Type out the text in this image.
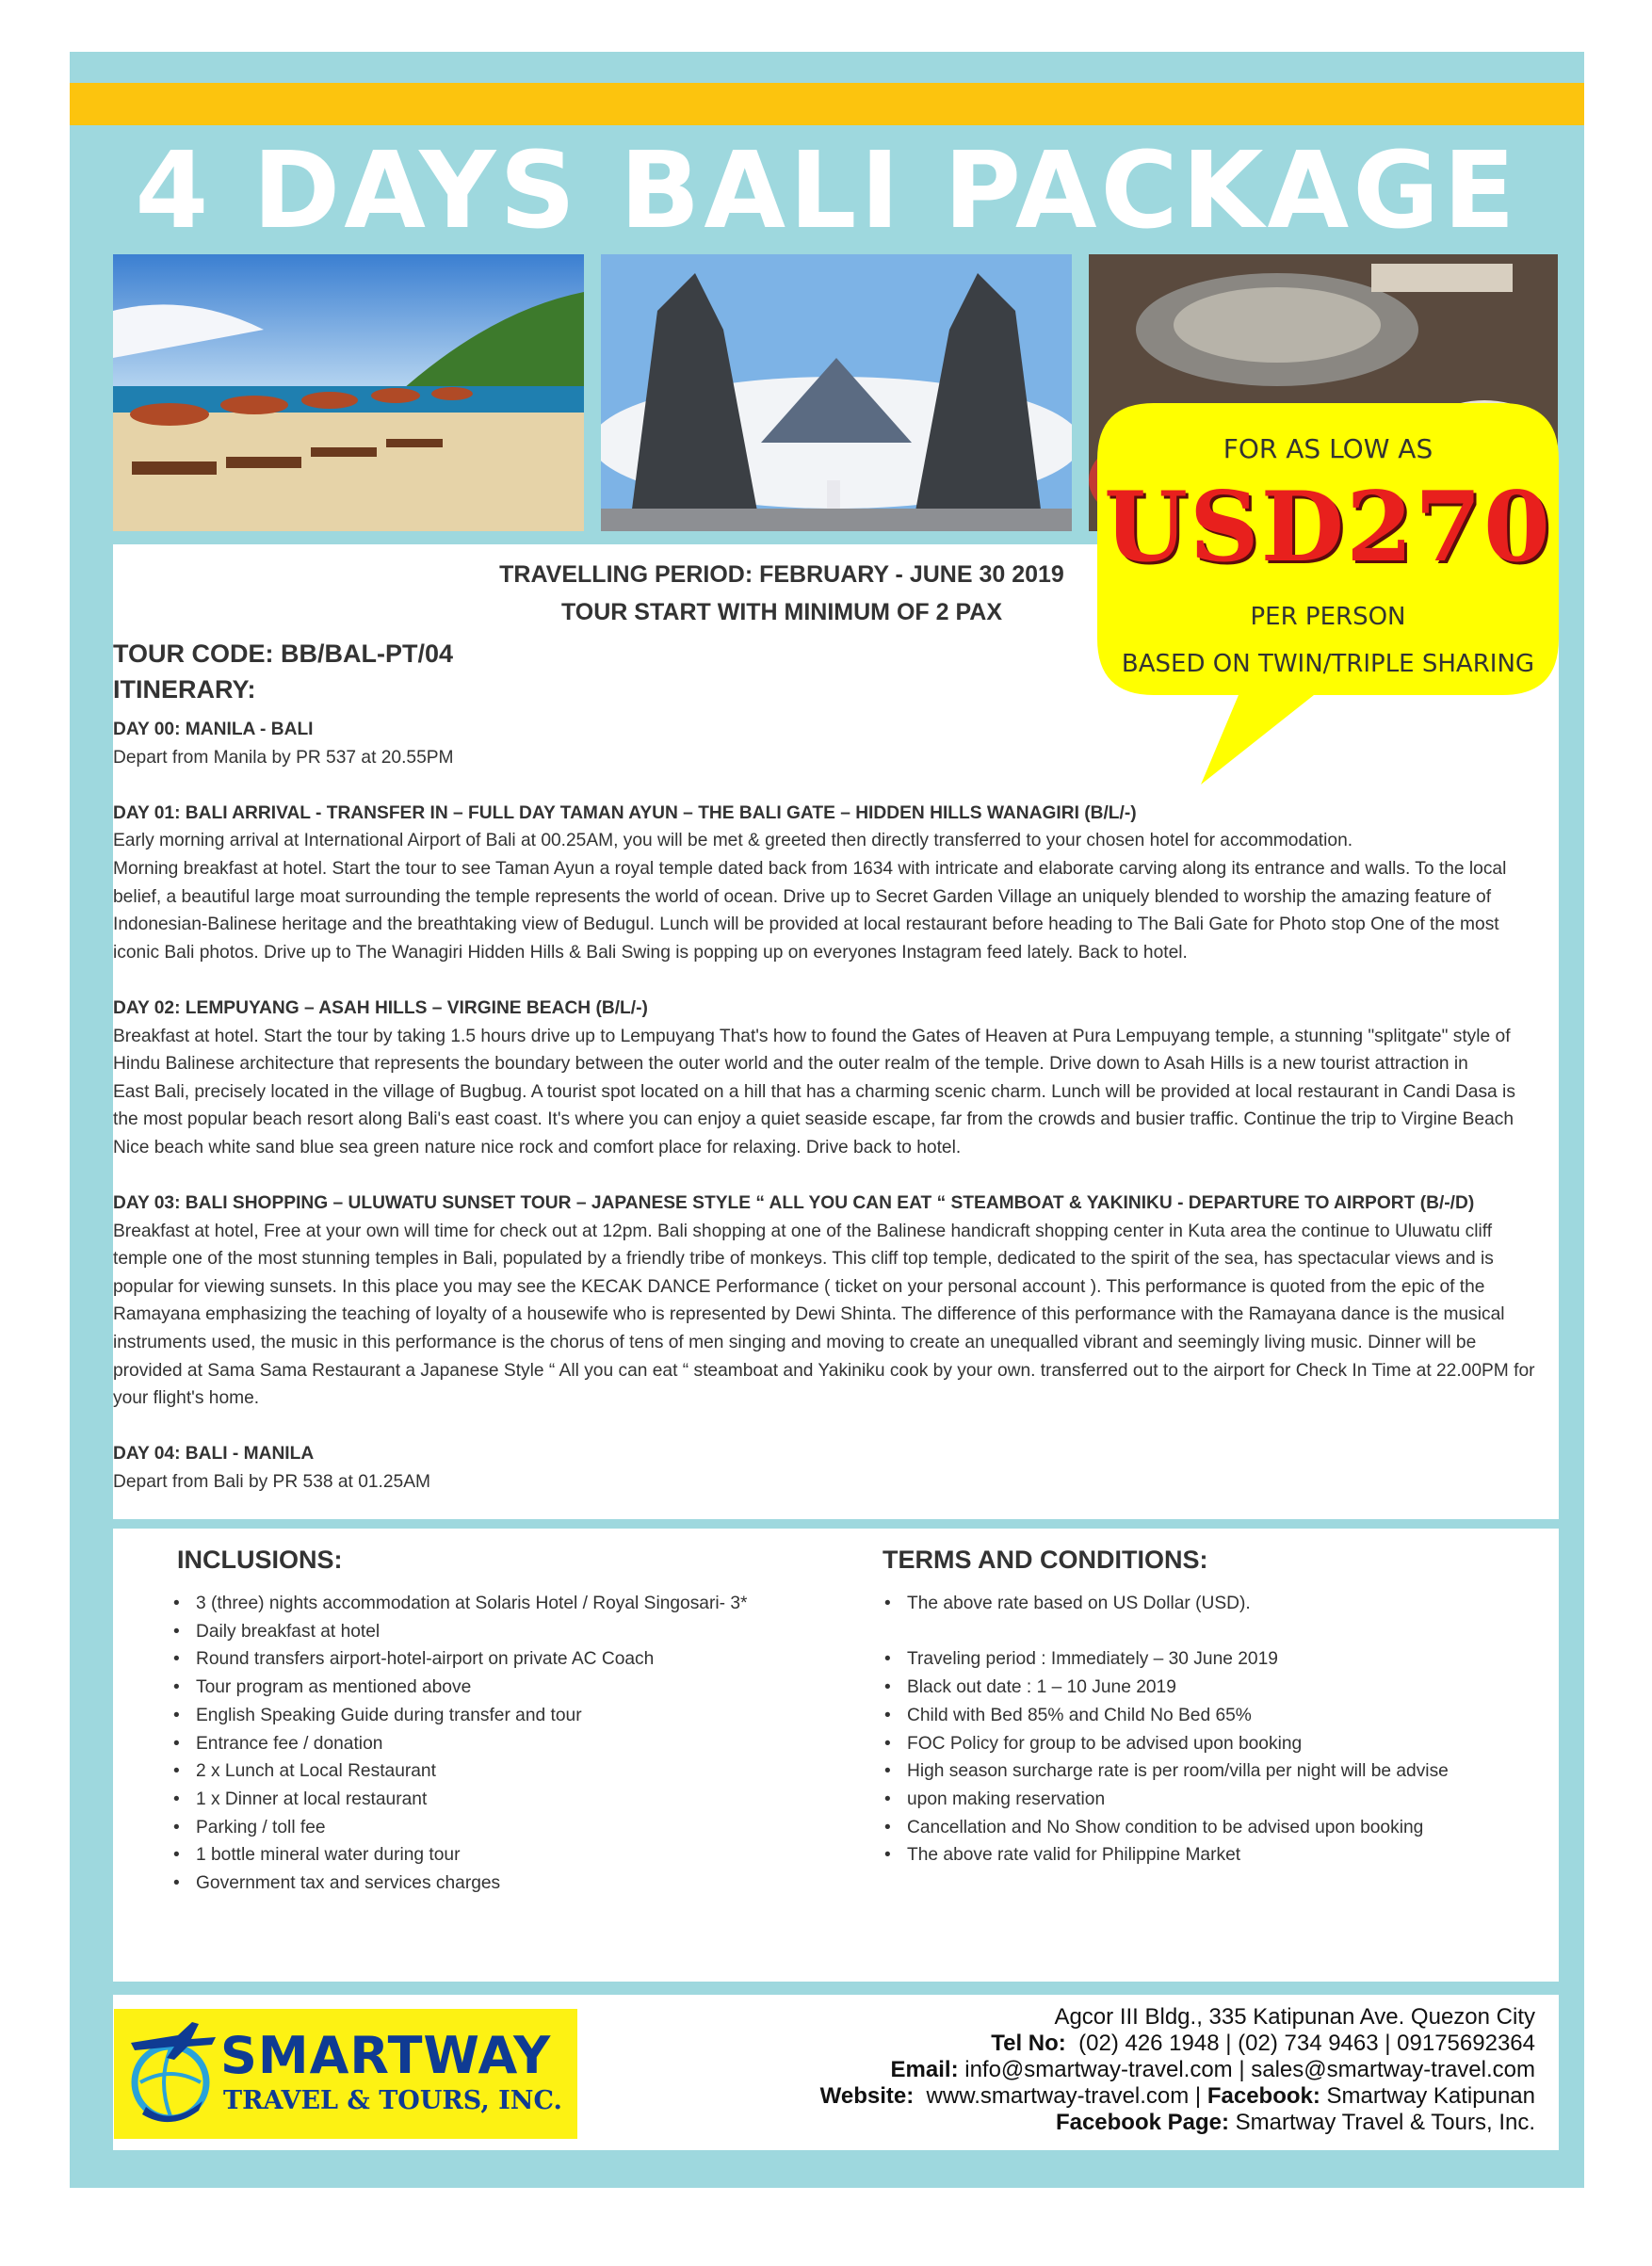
4 DAYS BALI PACKAGE
TRAVELLING PERIOD: FEBRUARY - JUNE 30 2019
TOUR START WITH MINIMUM OF 2 PAX
TOUR CODE: BB/BAL-PT/04
ITINERARY:

DAY 00: MANILA - BALI

Depart from Manila by PR 537 at 20.55PM

DAY 01: BALI ARRIVAL - TRANSFER IN – FULL DAY TAMAN AYUN – THE BALI GATE – HIDDEN HILLS WANAGIRI (B/L/-)

Early morning arrival at International Airport of Bali at 00.25AM, you will be met & greeted then directly transferred to your chosen hotel for accommodation.

Morning breakfast at hotel. Start the tour to see Taman Ayun a royal temple dated back from 1634 with intricate and elaborate carving along its entrance and walls. To the local

belief, a beautiful large moat surrounding the temple represents the world of ocean. Drive up to Secret Garden Village an uniquely blended to worship the amazing feature of

Indonesian-Balinese heritage and the breathtaking view of Bedugul. Lunch will be provided at local restaurant before heading to The Bali Gate for Photo stop One of the most

iconic Bali photos. Drive up to The Wanagiri Hidden Hills & Bali Swing is popping up on everyones Instagram feed lately. Back to hotel.

DAY 02: LEMPUYANG – ASAH HILLS – VIRGINE BEACH (B/L/-)

Breakfast at hotel. Start the tour by taking 1.5 hours drive up to Lempuyang That's how to found the Gates of Heaven at Pura Lempuyang temple, a stunning "splitgate" style of

Hindu Balinese architecture that represents the boundary between the outer world and the outer realm of the temple. Drive down to Asah Hills is a new tourist attraction in

East Bali, precisely located in the village of Bugbug. A tourist spot located on a hill that has a charming scenic charm. Lunch will be provided at local restaurant in Candi Dasa is

the most popular beach resort along Bali's east coast. It's where you can enjoy a quiet seaside escape, far from the crowds and busier traffic. Continue the trip to Virgine Beach

Nice beach white sand blue sea green nature nice rock and comfort place for relaxing. Drive back to hotel.

DAY 03: BALI SHOPPING – ULUWATU SUNSET TOUR – JAPANESE STYLE “ ALL YOU CAN EAT “ STEAMBOAT & YAKINIKU - DEPARTURE TO AIRPORT (B/-/D)

Breakfast at hotel, Free at your own will time for check out at 12pm. Bali shopping at one of the Balinese handicraft shopping center in Kuta area the continue to Uluwatu cliff

temple one of the most stunning temples in Bali, populated by a friendly tribe of monkeys. This cliff top temple, dedicated to the spirit of the sea, has spectacular views and is

popular for viewing sunsets. In this place you may see the KECAK DANCE Performance ( ticket on your personal account ). This performance is quoted from the epic of the

Ramayana emphasizing the teaching of loyalty of a housewife who is represented by Dewi Shinta. The difference of this performance with the Ramayana dance is the musical

instruments used, the music in this performance is the chorus of tens of men singing and moving to create an unequalled vibrant and seemingly living music. Dinner will be

provided at Sama Sama Restaurant a Japanese Style “ All you can eat “ steamboat and Yakiniku cook by your own. transferred out to the airport for Check In Time at 22.00PM for

your flight's home.

DAY 04: BALI - MANILA

Depart from Bali by PR 538 at 01.25AM

INCLUSIONS:
• 3 (three) nights accommodation at Solaris Hotel / Royal Singosari- 3*
• Daily breakfast at hotel
• Round transfers airport-hotel-airport on private AC Coach
• Tour program as mentioned above
• English Speaking Guide during transfer and tour
• Entrance fee / donation
• 2 x Lunch at Local Restaurant
• 1 x Dinner at local restaurant
• Parking / toll fee
• 1 bottle mineral water during tour
• Government tax and services charges
TERMS AND CONDITIONS:
• The above rate based on US Dollar (USD).
• Traveling period : Immediately – 30 June 2019
• Black out date : 1 – 10 June 2019
• Child with Bed 85% and Child No Bed 65%
• FOC Policy for group to be advised upon booking
• High season surcharge rate is per room/villa per night will be advise
• upon making reservation
• Cancellation and No Show condition to be advised upon booking
• The above rate valid for Philippine Market
FOR AS LOW AS
USD270
PER PERSON
BASED ON TWIN/TRIPLE SHARING
SMARTWAY
TRAVEL & TOURS, INC.
Agcor III Bldg., 335 Katipunan Ave. Quezon City
Tel No: (02) 426 1948 | (02) 734 9463 | 09175692364
Email: info@smartway-travel.com | sales@smartway-travel.com
Website: www.smartway-travel.com | Facebook: Smartway Katipunan
Facebook Page: Smartway Travel & Tours, Inc.
